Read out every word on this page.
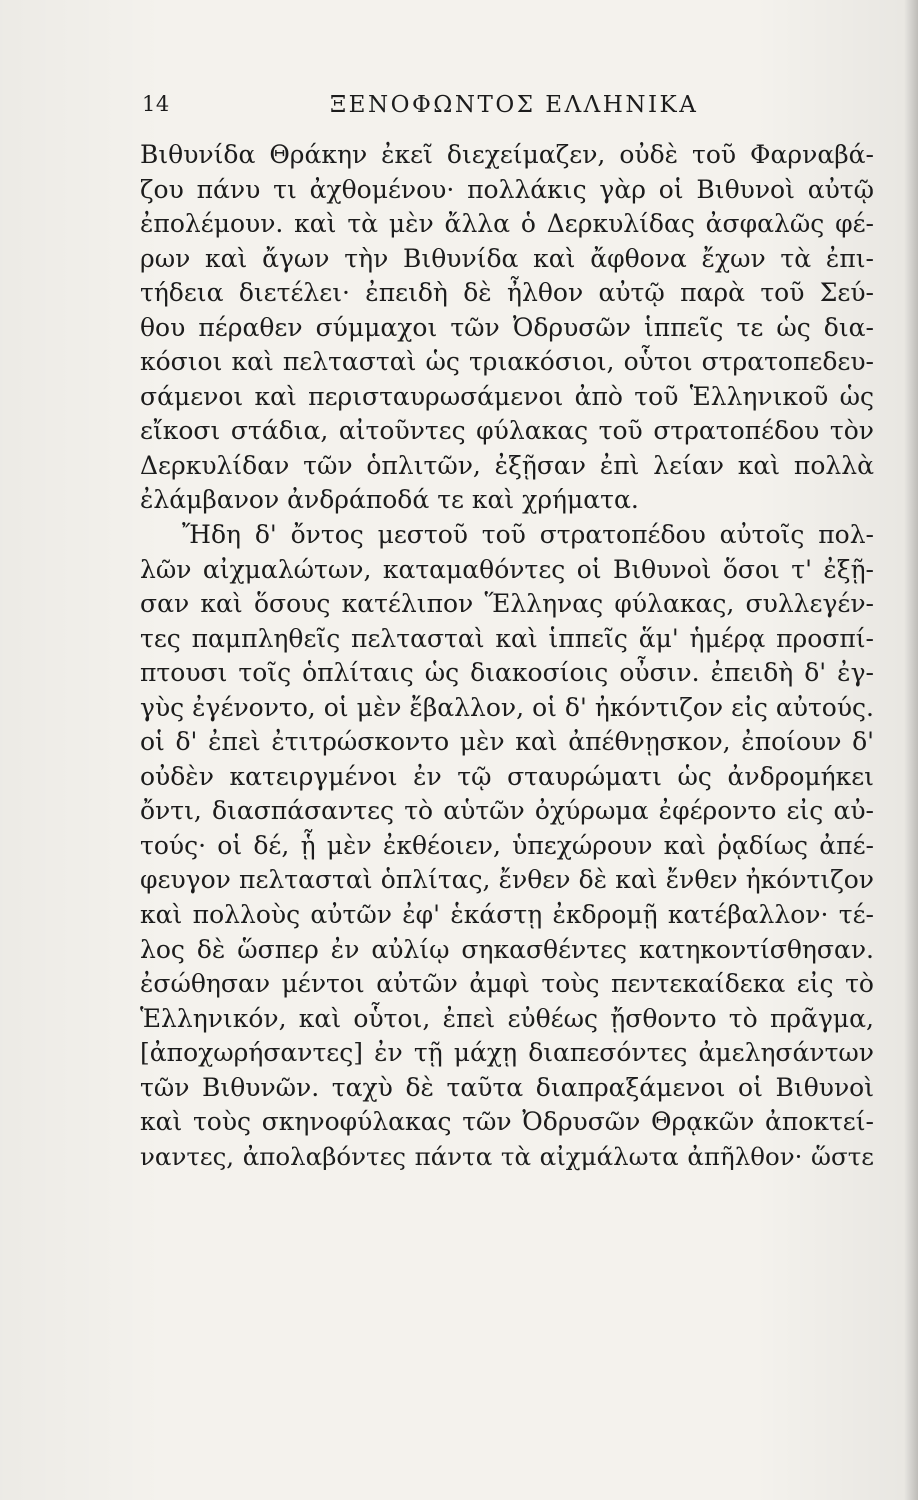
14	ΞΕΝΟΦΩΝΤΟΣ ΕΛΛΗΝΙΚΑ
Βιθυνίδα Θράκην ἐκεῖ διεχείμαζεν, οὐδὲ τοῦ Φαρναβά-
ζου πάνυ τι ἀχθομένου· πολλάκις γὰρ οἱ Βιθυνοὶ αὐτῷ
ἐπολέμουν. καὶ τὰ μὲν ἄλλα ὁ Δερκυλίδας ἀσφαλῶς φέ-
ρων καὶ ἄγων τὴν Βιθυνίδα καὶ ἄφθονα ἔχων τὰ ἐπι-
τήδεια διετέλει· ἐπειδὴ δὲ ἦλθον αὐτῷ παρὰ τοῦ Σεύ-
θου πέραθεν σύμμαχοι τῶν Ὀδρυσῶν ἱππεῖς τε ὡς δια-
κόσιοι καὶ πελτασταὶ ὡς τριακόσιοι, οὗτοι στρατοπεδευ-
σάμενοι καὶ περισταυρωσάμενοι ἀπὸ τοῦ Ἑλληνικοῦ ὡς
εἴκοσι στάδια, αἰτοῦντες φύλακας τοῦ στρατοπέδου τὸν
Δερκυλίδαν τῶν ὁπλιτῶν, ἐξῇσαν ἐπὶ λείαν καὶ πολλὰ
ἐλάμβανον ἀνδράποδά τε καὶ χρήματα.
Ἤδη δ' ὄντος μεστοῦ τοῦ στρατοπέδου αὐτοῖς πολ-
λῶν αἰχμαλώτων, καταμαθόντες οἱ Βιθυνοὶ ὅσοι τ' ἐξῇ-
σαν καὶ ὅσους κατέλιπον Ἕλληνας φύλακας, συλλεγέν-
τες παμπληθεῖς πελτασταὶ καὶ ἱππεῖς ἅμ' ἡμέρᾳ προσπί-
πτουσι τοῖς ὁπλίταις ὡς διακοσίοις οὖσιν. ἐπειδὴ δ' ἐγ-
γὺς ἐγένοντο, οἱ μὲν ἔβαλλον, οἱ δ' ἠκόντιζον εἰς αὐτούς.
οἱ δ' ἐπεὶ ἐτιτρώσκοντο μὲν καὶ ἀπέθνῃσκον, ἐποίουν δ'
οὐδὲν κατειργμένοι ἐν τῷ σταυρώματι ὡς ἀνδρομήκει
ὄντι, διασπάσαντες τὸ αὑτῶν ὀχύρωμα ἐφέροντο εἰς αὐ-
τούς· οἱ δέ, ᾗ μὲν ἐκθέοιεν, ὑπεχώρουν καὶ ῥᾳδίως ἀπέ-
φευγον πελτασταὶ ὁπλίτας, ἔνθεν δὲ καὶ ἔνθεν ἠκόντιζον
καὶ πολλοὺς αὐτῶν ἐφ' ἑκάστῃ ἐκδρομῇ κατέβαλλον· τέ-
λος δὲ ὥσπερ ἐν αὐλίῳ σηκασθέντες κατηκοντίσθησαν.
ἐσώθησαν μέντοι αὐτῶν ἀμφὶ τοὺς πεντεκαίδεκα εἰς τὸ
Ἑλληνικόν, καὶ οὗτοι, ἐπεὶ εὐθέως ᾔσθοντο τὸ πρᾶγμα,
[ἀποχωρήσαντες] ἐν τῇ μάχῃ διαπεσόντες ἀμελησάντων
τῶν Βιθυνῶν. ταχὺ δὲ ταῦτα διαπραξάμενοι οἱ Βιθυνοὶ
καὶ τοὺς σκηνοφύλακας τῶν Ὀδρυσῶν Θρᾳκῶν ἀποκτεί-
ναντες, ἀπολαβόντες πάντα τὰ αἰχμάλωτα ἀπῆλθον· ὥστε
